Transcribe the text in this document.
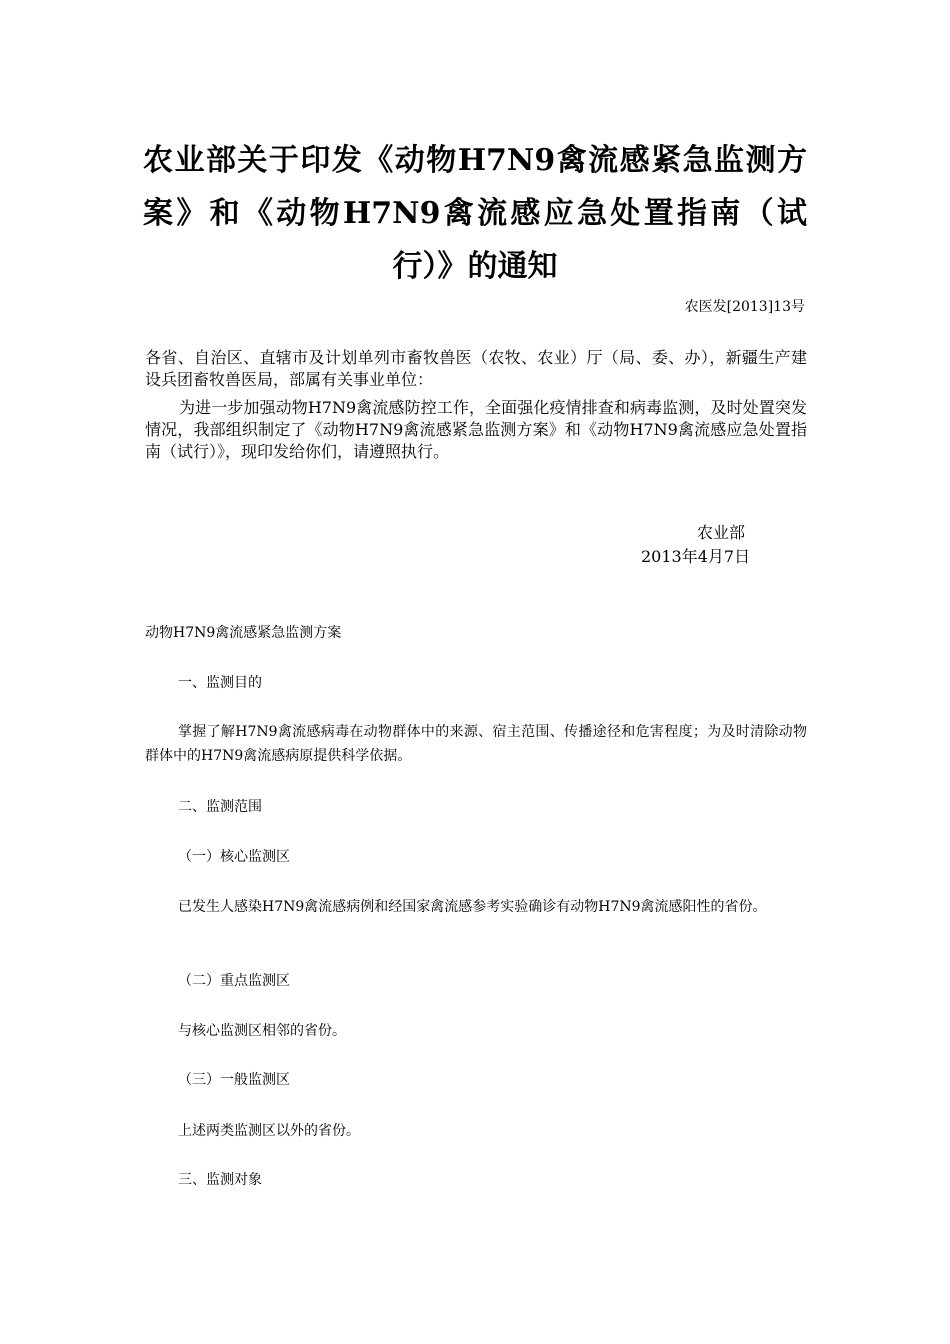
农业部关于印发《动物H7N9禽流感紧急监测方案》和《动物H7N9禽流感应急处置指南（试行）》的通知
农医发[2013]13号
各省、自治区、直辖市及计划单列市畜牧兽医（农牧、农业）厅（局、委、办），新疆生产建设兵团畜牧兽医局，部属有关事业单位：
为进一步加强动物H7N9禽流感防控工作，全面强化疫情排查和病毒监测，及时处置突发情况，我部组织制定了《动物H7N9禽流感紧急监测方案》和《动物H7N9禽流感应急处置指南（试行）》，现印发给你们，请遵照执行。
农业部
2013年4月7日
动物H7N9禽流感紧急监测方案
一、监测目的
掌握了解H7N9禽流感病毒在动物群体中的来源、宿主范围、传播途径和危害程度；为及时清除动物群体中的H7N9禽流感病原提供科学依据。
二、监测范围
（一）核心监测区
已发生人感染H7N9禽流感病例和经国家禽流感参考实验确诊有动物H7N9禽流感阳性的省份。
（二）重点监测区
与核心监测区相邻的省份。
（三）一般监测区
上述两类监测区以外的省份。
三、监测对象
